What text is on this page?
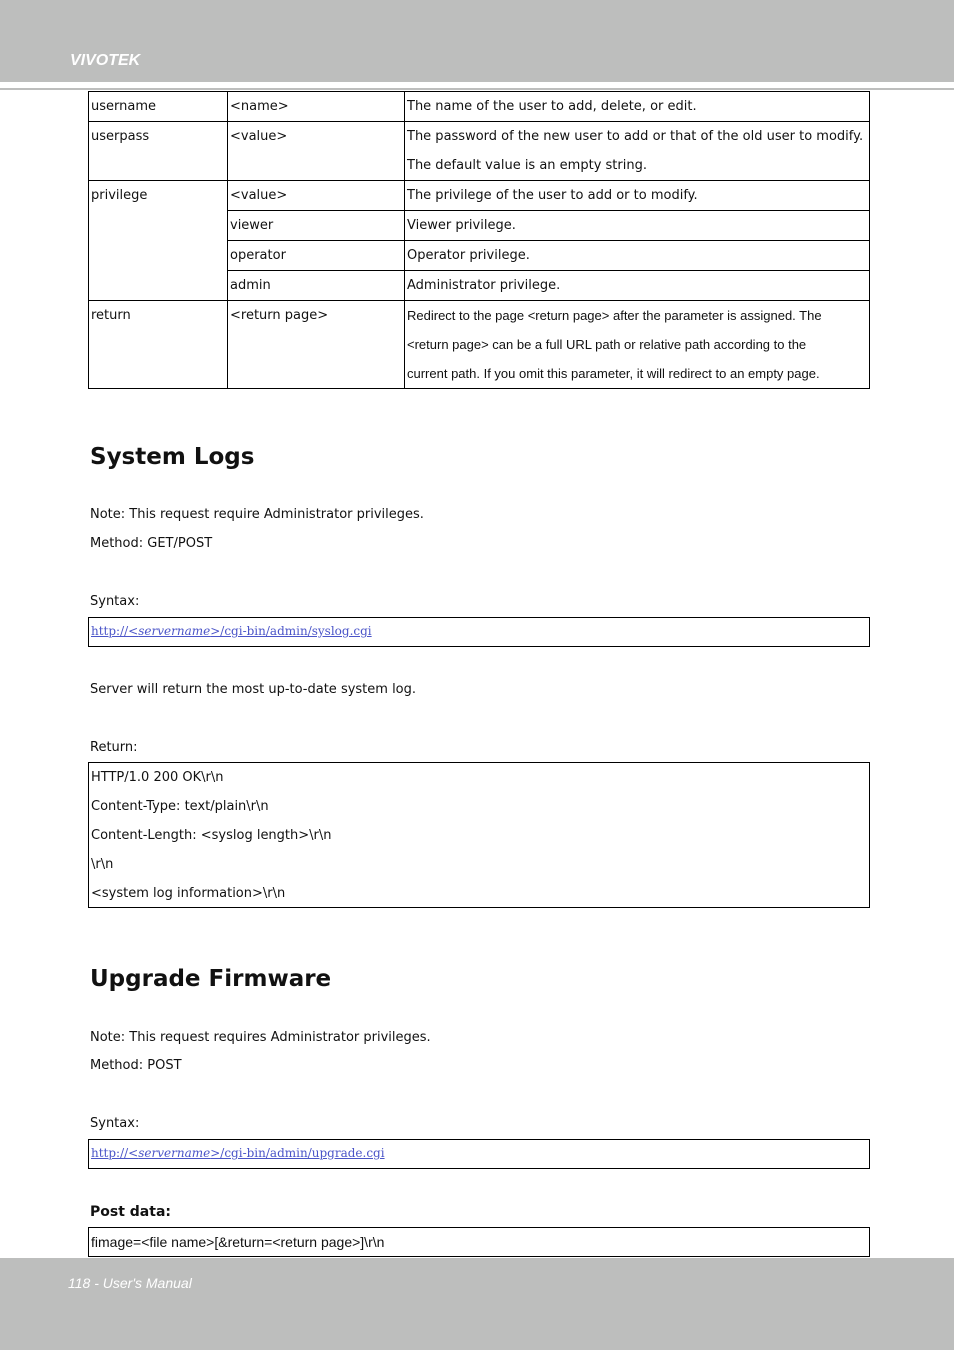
VIVOTEK
username	<name>	The name of the user to add, delete, or edit.

userpass	<value>	The password of the new user to add or that of the old user to modify.
The default value is an empty string.

privilege	<value>	The privilege of the user to add or to modify.

	viewer	Viewer privilege.

	operator	Operator privilege.

	admin	Administrator privilege.

return	<return page>	Redirect to the page <return page> after the parameter is assigned. The
<return page> can be a full URL path or relative path according to the
current path. If you omit this parameter, it will redirect to an empty page.
System Logs
Note: This request require Administrator privileges.
Method: GET/POST
Syntax:
http://<servername>/cgi-bin/admin/syslog.cgi
Server will return the most up-to-date system log.
Return:
HTTP/1.0 200 OK\r\n
Content-Type: text/plain\r\n
Content-Length: <syslog length>\r\n
\r\n
<system log information>\r\n
Upgrade Firmware
Note: This request requires Administrator privileges.
Method: POST
Syntax:
http://<servername>/cgi-bin/admin/upgrade.cgi
Post data:
fimage=<file name>[&return=<return page>]\r\n
118 - User's Manual
